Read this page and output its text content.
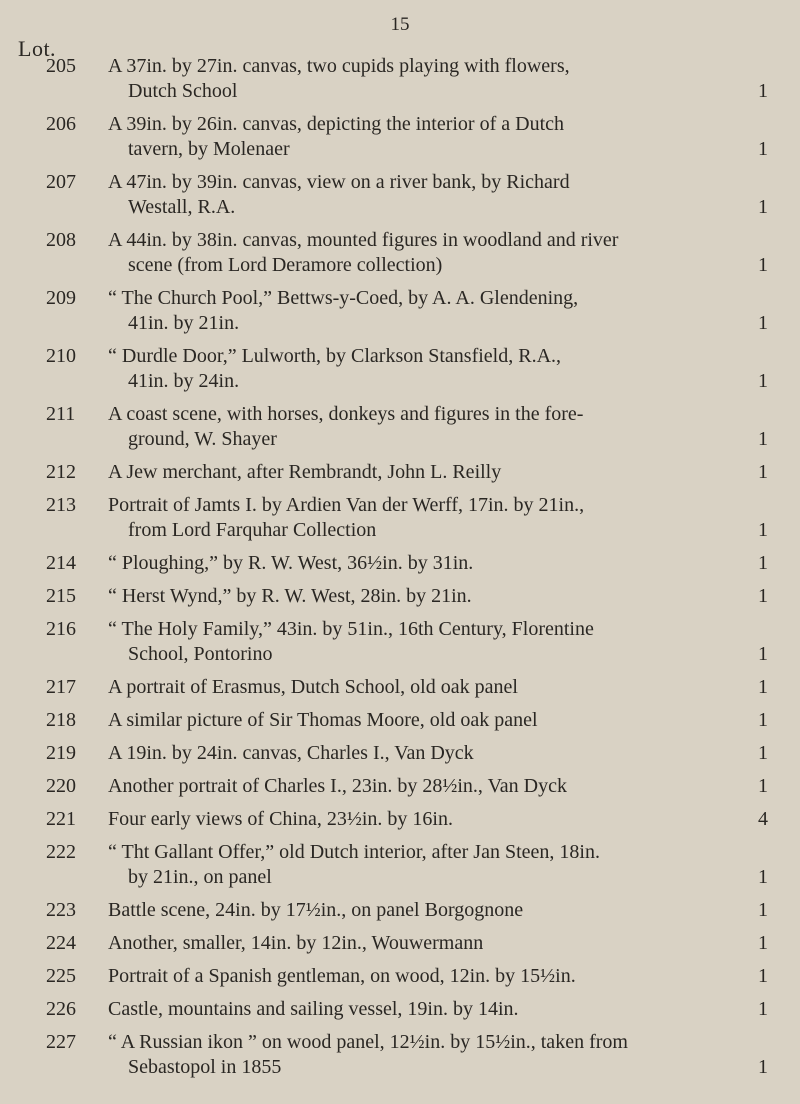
15
Lot.
205	A 37in. by 27in. canvas, two cupids playing with flowers,
Dutch School	1
206	A 39in. by 26in. canvas, depicting the interior of a Dutch
tavern, by Molenaer	1
207	A 47in. by 39in. canvas, view on a river bank, by Richard
Westall, R.A.	1
208	A 44in. by 38in. canvas, mounted figures in woodland and river
scene (from Lord Deramore collection)	1
209	“ The Church Pool,” Bettws-y-Coed, by A. A. Glendening,
41in. by 21in.	1
210	“ Durdle Door,” Lulworth, by Clarkson Stansfield, R.A.,
41in. by 24in.	1
211	A coast scene, with horses, donkeys and figures in the fore-
ground, W. Shayer	1
212	A Jew merchant, after Rembrandt, John L. Reilly	1
213	Portrait of Jamts I. by Ardien Van der Werff, 17in. by 21in.,
from Lord Farquhar Collection	1
214	“ Ploughing,” by R. W. West, 36½in. by 31in.	1
215	“ Herst Wynd,” by R. W. West, 28in. by 21in.	1
216	“ The Holy Family,” 43in. by 51in., 16th Century, Florentine
School, Pontorino	1
217	A portrait of Erasmus, Dutch School, old oak panel	1
218	A similar picture of Sir Thomas Moore, old oak panel	1
219	A 19in. by 24in. canvas, Charles I., Van Dyck	1
220	Another portrait of Charles I., 23in. by 28½in., Van Dyck	1
221	Four early views of China, 23½in. by 16in.	4
222	“ Tht Gallant Offer,” old Dutch interior, after Jan Steen, 18in.
by 21in., on panel	1
223	Battle scene, 24in. by 17½in., on panel Borgognone	1
224	Another, smaller, 14in. by 12in., Wouwermann	1
225	Portrait of a Spanish gentleman, on wood, 12in. by 15½in.	1
226	Castle, mountains and sailing vessel, 19in. by 14in.	1
227	“ A Russian ikon ” on wood panel, 12½in. by 15½in., taken from
Sebastopol in 1855	1
